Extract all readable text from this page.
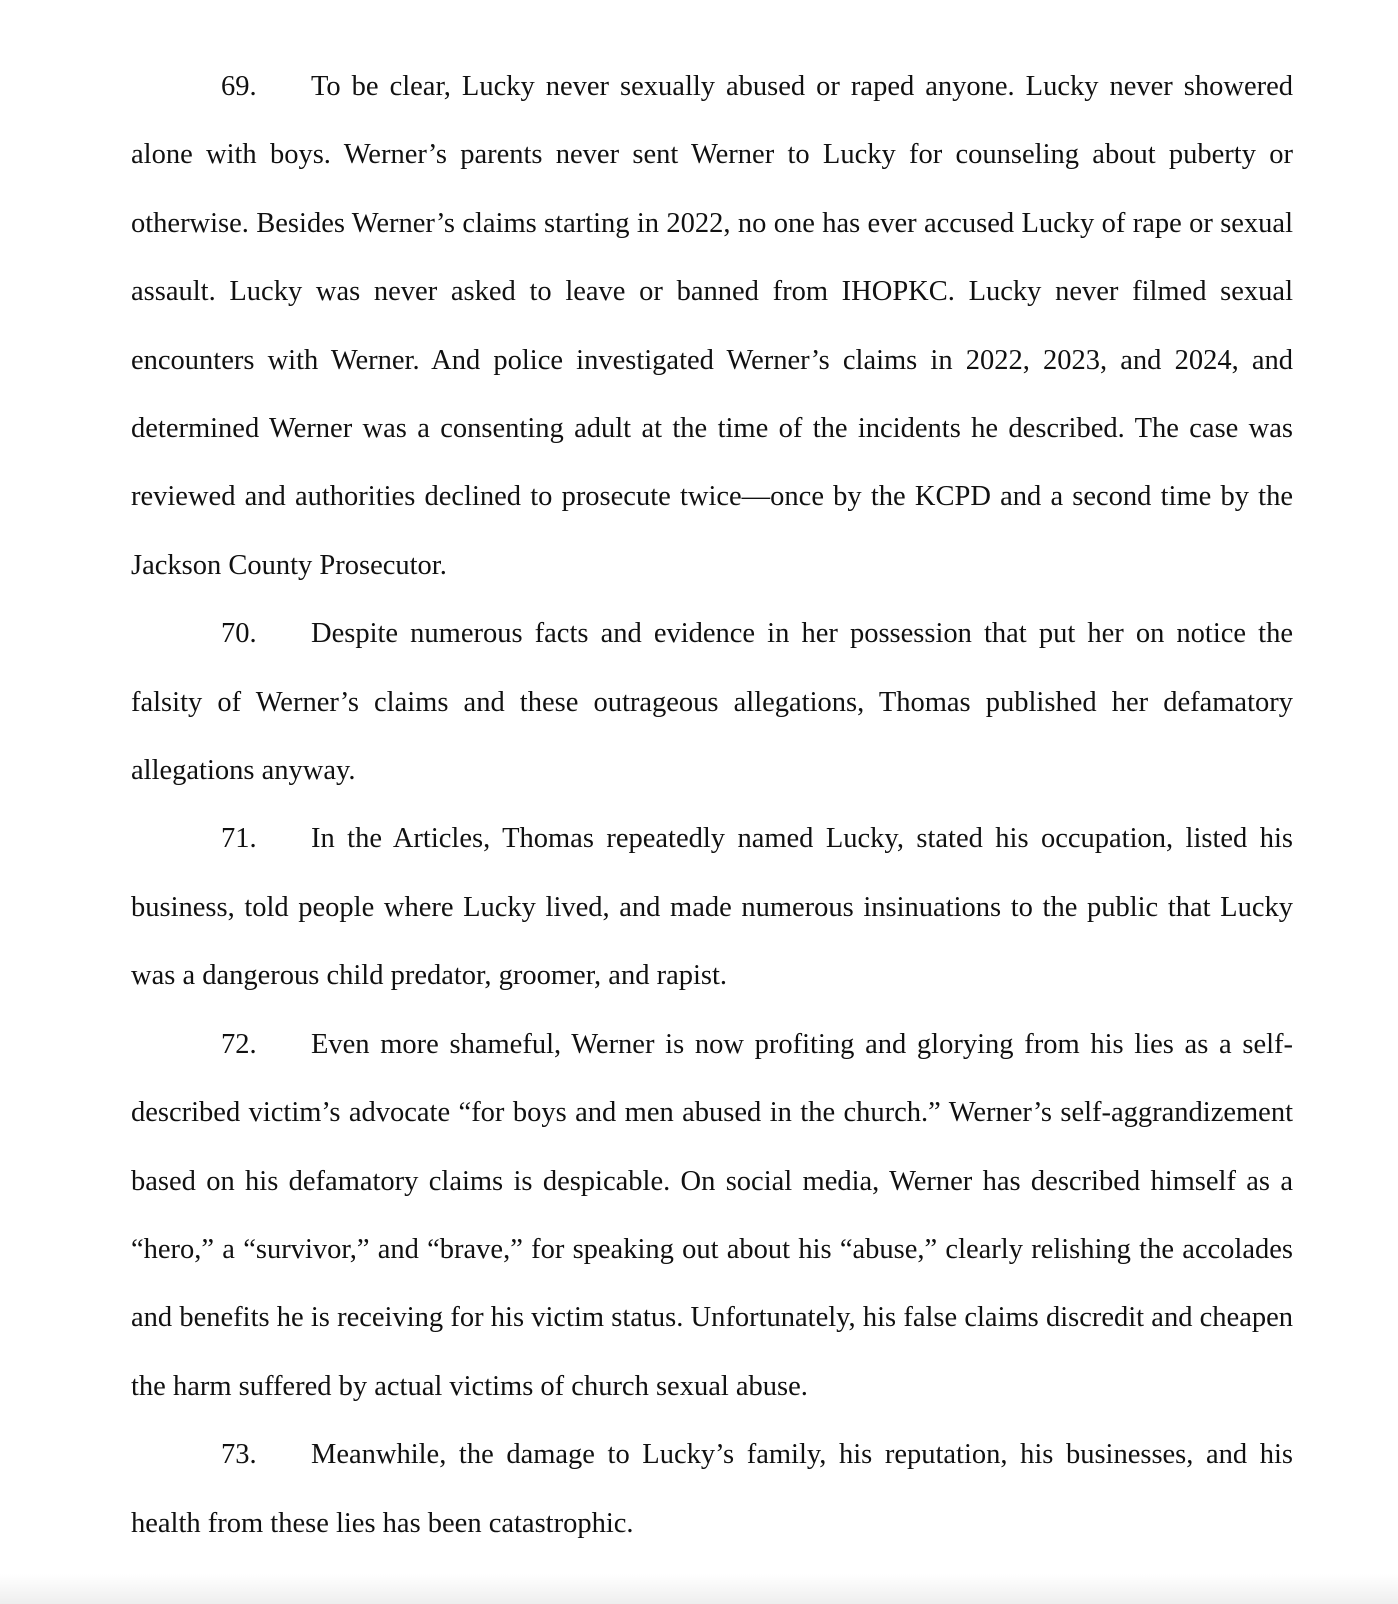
69. To be clear, Lucky never sexually abused or raped anyone. Lucky never showered alone with boys. Werner’s parents never sent Werner to Lucky for counseling about puberty or otherwise. Besides Werner’s claims starting in 2022, no one has ever accused Lucky of rape or sexual assault. Lucky was never asked to leave or banned from IHOPKC. Lucky never filmed sexual encounters with Werner. And police investigated Werner’s claims in 2022, 2023, and 2024, and determined Werner was a consenting adult at the time of the incidents he described. The case was reviewed and authorities declined to prosecute twice—once by the KCPD and a second time by the Jackson County Prosecutor.

70. Despite numerous facts and evidence in her possession that put her on notice the falsity of Werner’s claims and these outrageous allegations, Thomas published her defamatory allegations anyway.

71. In the Articles, Thomas repeatedly named Lucky, stated his occupation, listed his business, told people where Lucky lived, and made numerous insinuations to the public that Lucky was a dangerous child predator, groomer, and rapist.

72. Even more shameful, Werner is now profiting and glorying from his lies as a self-described victim’s advocate “for boys and men abused in the church.” Werner’s self-aggrandizement based on his defamatory claims is despicable. On social media, Werner has described himself as a “hero,” a “survivor,” and “brave,” for speaking out about his “abuse,” clearly relishing the accolades and benefits he is receiving for his victim status. Unfortunately, his false claims discredit and cheapen the harm suffered by actual victims of church sexual abuse.

73. Meanwhile, the damage to Lucky’s family, his reputation, his businesses, and his health from these lies has been catastrophic.
